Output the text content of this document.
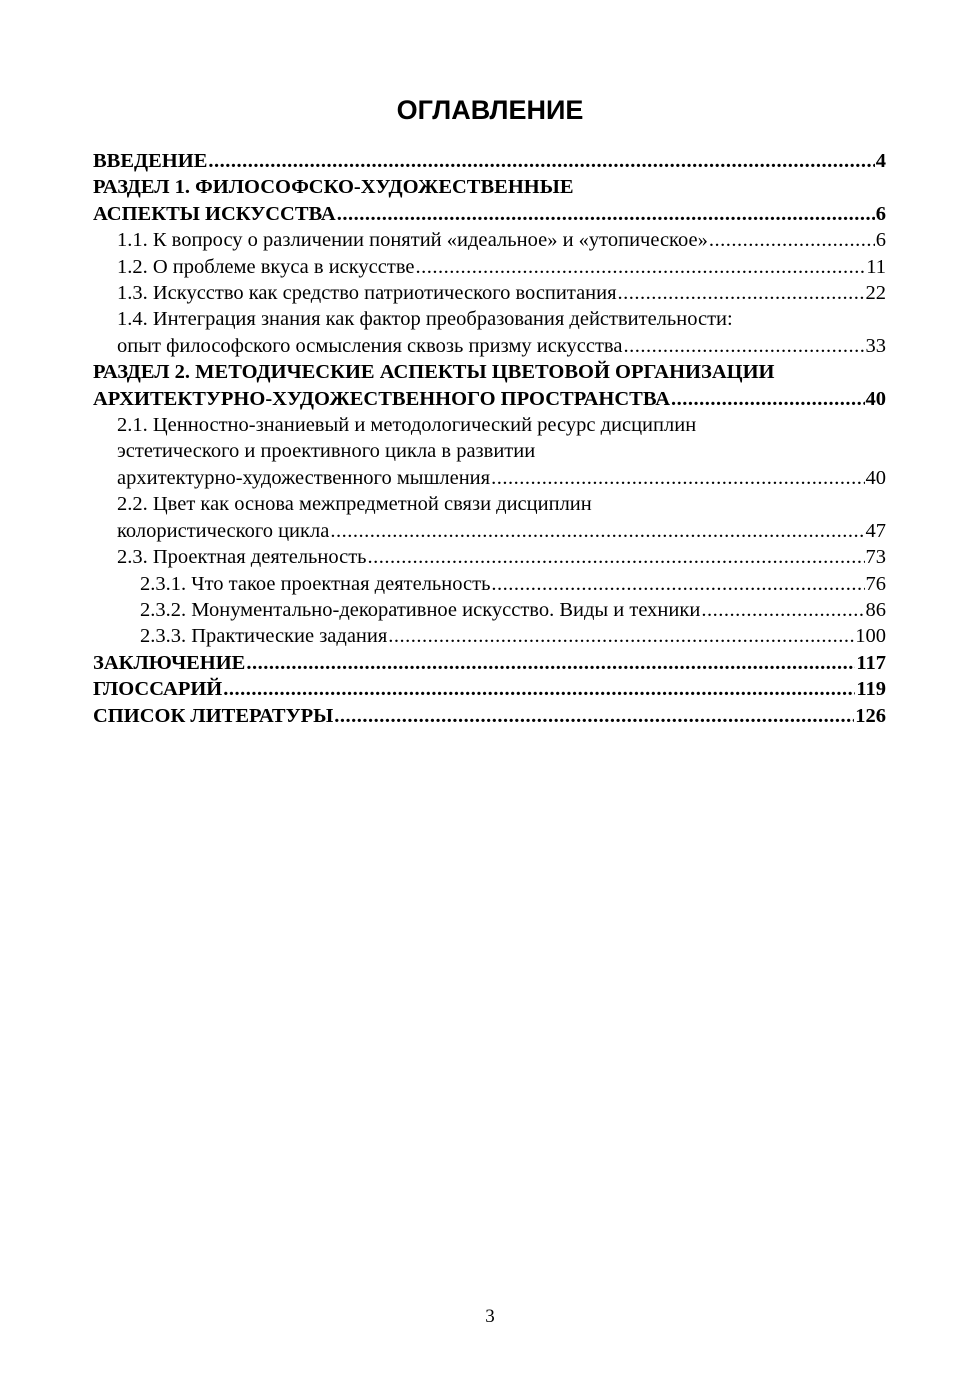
ОГЛАВЛЕНИЕ
ВВЕДЕНИЕ .....	4
РАЗДЕЛ 1. ФИЛОСОФСКО-ХУДОЖЕСТВЕННЫЕ
АСПЕКТЫ ИСКУССТВА .....	6
1.1. К вопросу о различении понятий «идеальное» и «утопическое» .....	6
1.2. О проблеме вкуса в искусстве .....	11
1.3. Искусство как средство патриотического воспитания .....	22
1.4. Интеграция знания как фактор преобразования действительности:
опыт философского осмысления сквозь призму искусства .....	33
РАЗДЕЛ 2. МЕТОДИЧЕСКИЕ АСПЕКТЫ ЦВЕТОВОЙ ОРГАНИЗАЦИИ
АРХИТЕКТУРНО-ХУДОЖЕСТВЕННОГО ПРОСТРАНСТВА .....	40
2.1. Ценностно-знаниевый и методологический ресурс дисциплин
эстетического и проективного цикла в развитии
архитектурно-художественного мышления .....	40
2.2. Цвет как основа межпредметной связи дисциплин
колористического цикла .....	47
2.3. Проектная деятельность .....	73
2.3.1. Что такое проектная деятельность .....	76
2.3.2. Монументально-декоративное искусство. Виды и техники .....	86
2.3.3. Практические задания .....	100
ЗАКЛЮЧЕНИЕ .....	117
ГЛОССАРИЙ .....	119
СПИСОК ЛИТЕРАТУРЫ .....	126
3
